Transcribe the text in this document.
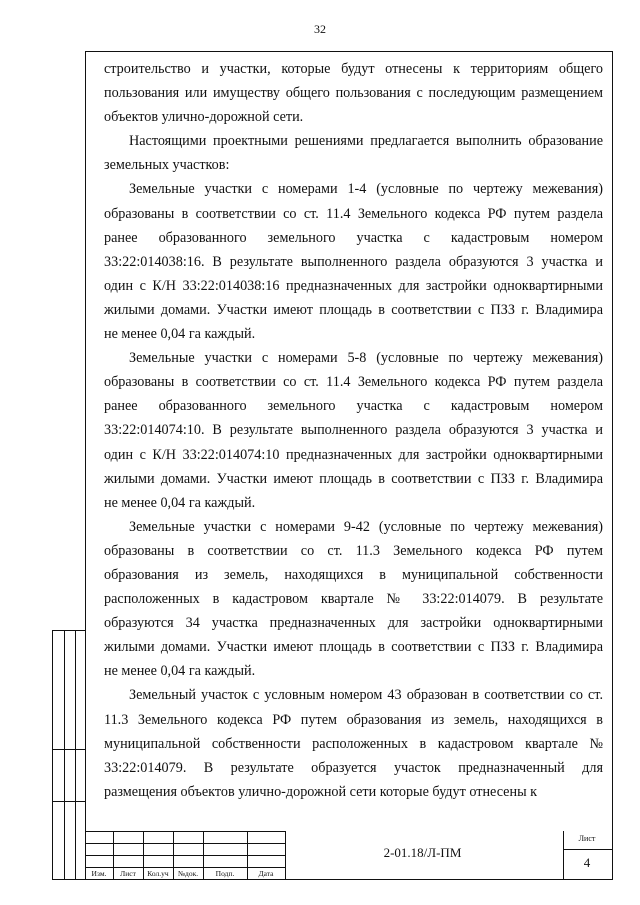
32

строительство и участки, которые будут отнесены к территориям общего
пользования или имуществу общего пользования с последующим размещением
объектов улично-дорожной сети.

Настоящими проектными решениями предлагается выполнить образование
земельных участков:

Земельные участки с номерами 1-4 (условные по чертежу межевания)
образованы в соответствии со ст. 11.4 Земельного кодекса РФ путем раздела
ранее образованного земельного участка с кадастровым номером
33:22:014038:16. В результате выполненного раздела образуются 3 участка и
один с К/Н 33:22:014038:16 предназначенных для застройки одноквартирными
жилыми домами. Участки имеют площадь в соответствии с ПЗЗ г. Владимира
не менее 0,04 га каждый.

Земельные участки с номерами 5-8 (условные по чертежу межевания)
образованы в соответствии со ст. 11.4 Земельного кодекса РФ путем раздела
ранее образованного земельного участка с кадастровым номером
33:22:014074:10. В результате выполненного раздела образуются 3 участка и
один с К/Н 33:22:014074:10 предназначенных для застройки одноквартирными
жилыми домами. Участки имеют площадь в соответствии с ПЗЗ г. Владимира
не менее 0,04 га каждый.

Земельные участки с номерами 9-42 (условные по чертежу межевания)
образованы в соответствии со ст. 11.3 Земельного кодекса РФ путем
образования из земель, находящихся в муниципальной собственности
расположенных в кадастровом квартале № 33:22:014079. В результате
образуются 34 участка предназначенных для застройки одноквартирными
жилыми домами. Участки имеют площадь в соответствии с ПЗЗ г. Владимира
не менее 0,04 га каждый.

Земельный участок с условным номером 43 образован в соответствии со ст.
11.3 Земельного кодекса РФ путем образования из земель, находящихся в
муниципальной собственности расположенных в кадастровом квартале №
33:22:014079. В результате образуется участок предназначенный для
размещения объектов улично-дорожной сети которые будут отнесены к

Изм.	Лист	Кол.уч	№док.	Подп.	Дата
2-01.18/Л-ПМ
Лист
4
